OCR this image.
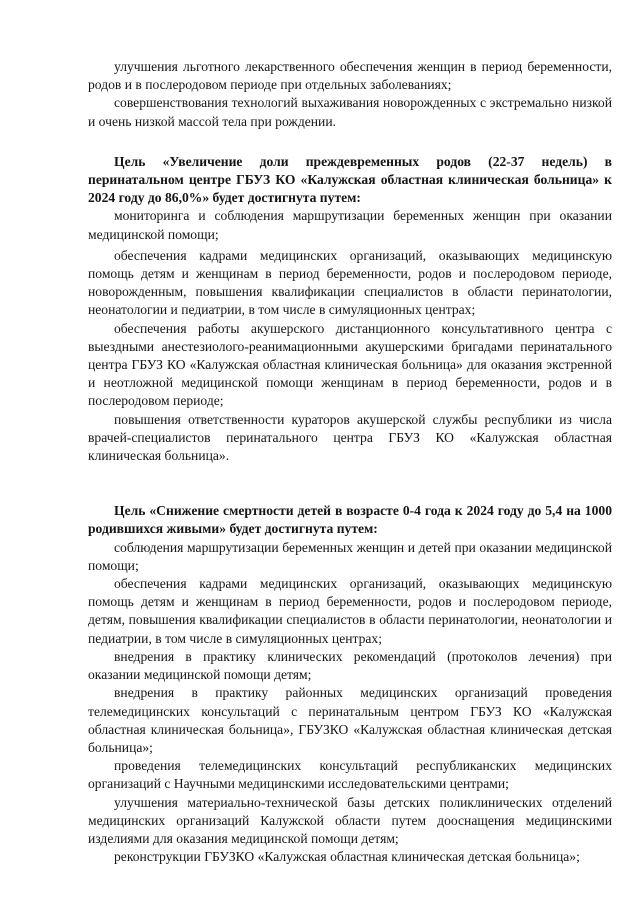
улучшения льготного лекарственного обеспечения женщин в период беременности, родов и в послеродовом периоде при отдельных заболеваниях;

совершенствования технологий выхаживания новорожденных с экстремально низкой и очень низкой массой тела при рождении.

Цель «Увеличение доли преждевременных родов (22-37 недель) в перинатальном центре ГБУЗ КО «Калужская областная клиническая больница» к 2024 году до 86,0%» будет достигнута путем:

мониторинга и соблюдения маршрутизации беременных женщин при оказании медицинской помощи;

обеспечения кадрами медицинских организаций, оказывающих медицинскую помощь детям и женщинам в период беременности, родов и послеродовом периоде, новорожденным, повышения квалификации специалистов в области перинатологии, неонатологии и педиатрии, в том числе в симуляционных центрах;

обеспечения работы акушерского дистанционного консультативного центра с выездными анестезиолого-реанимационными акушерскими бригадами перинатального центра ГБУЗ КО «Калужская областная клиническая больница» для оказания экстренной и неотложной медицинской помощи женщинам в период беременности, родов и в послеродовом периоде;

повышения ответственности кураторов акушерской службы республики из числа врачей-специалистов перинатального центра ГБУЗ КО «Калужская областная клиническая больница».

Цель «Снижение смертности детей в возрасте 0-4 года к 2024 году до 5,4 на 1000 родившихся живыми» будет достигнута путем:

соблюдения маршрутизации беременных женщин и детей при оказании медицинской помощи;

обеспечения кадрами медицинских организаций, оказывающих медицинскую помощь детям и женщинам в период беременности, родов и послеродовом периоде, детям, повышения квалификации специалистов в области перинатологии, неонатологии и педиатрии, в том числе в симуляционных центрах;

внедрения в практику клинических рекомендаций (протоколов лечения) при оказании медицинской помощи детям;

внедрения в практику районных медицинских организаций проведения телемедицинских консультаций с перинатальным центром ГБУЗ КО «Калужская областная клиническая больница», ГБУЗКО «Калужская областная клиническая детская больница»;

проведения телемедицинских консультаций республиканских медицинских организаций с Научными медицинскими исследовательскими центрами;

улучшения материально-технической базы детских поликлинических отделений медицинских организаций Калужской области путем дооснащения медицинскими изделиями для оказания медицинской помощи детям;

реконструкции ГБУЗКО «Калужская областная клиническая детская больница»;
